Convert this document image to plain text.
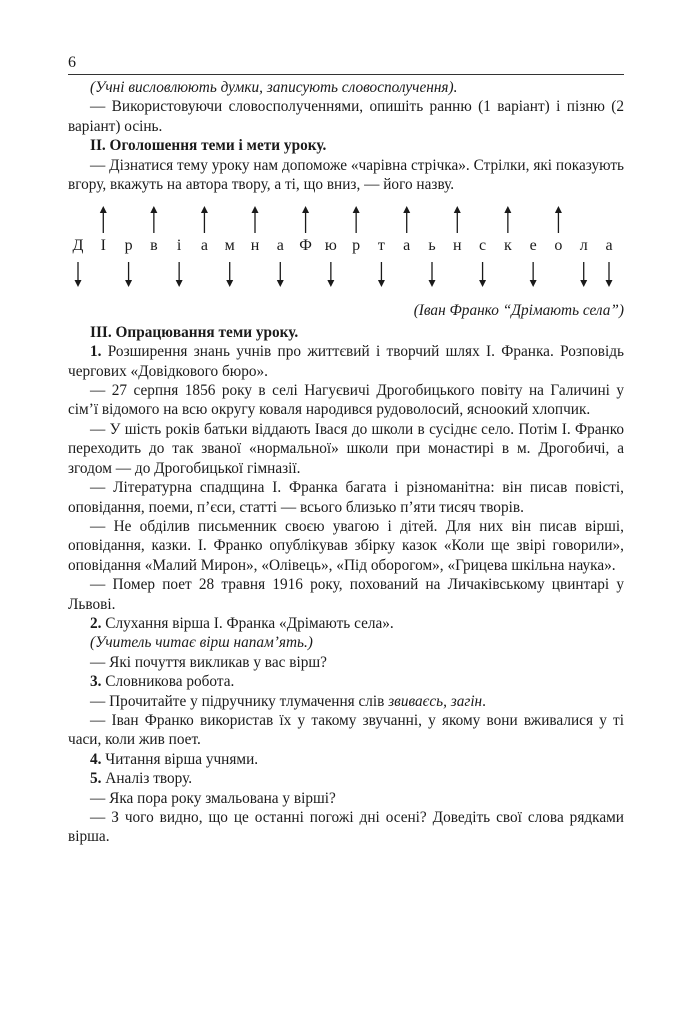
6

(Учні висловлюють думки, записують словосполучення).

— Використовуючи словосполученнями, опишіть ранню (1 варіант) і пізню (2 варіант) осінь.

II. Оголошення теми і мети уроку.

— Дізнатися тему уроку нам допоможе «чарівна стрічка». Стрілки, які показують вгору, вкажуть на автора твору, а ті, що вниз, — його назву.

Д	І	р	в	і	а	м н	а Ф ю р	т	а	ь	н	с	к	е	о	л	а

(Іван Франко “Дрімають села”)

III. Опрацювання теми уроку.

1. Розширення знань учнів про життєвий і творчий шлях І. Франка. Розповідь чергових «Довідкового бюро».

— 27 серпня 1856 року в селі Нагуєвичі Дрогобицького повіту на Галичині у сім’ї відомого на всю округу коваля народився рудоволосий, ясноокий хлопчик.

— У шість років батьки віддають Івася до школи в сусіднє село. Потім І. Франко переходить до так званої «нормальної» школи при монастирі в м. Дрогобичі, а згодом — до Дрогобицької гімназії.

— Літературна спадщина І. Франка багата і різноманітна: він писав повісті, оповідання, поеми, п’єси, статті — всього близько п’яти тисяч творів.

— Не обділив письменник своєю увагою і дітей. Для них він писав вірші, оповідання, казки. І. Франко опублікував збірку казок «Коли ще звірі говорили», оповідання «Малий Мирон», «Олівець», «Під оборогом», «Грицева шкільна наука».

— Помер поет 28 травня 1916 року, похований на Личаківському цвинтарі у Львові.

2. Слухання вірша І. Франка «Дрімають села».

(Учитель читає вірш напам’ять.)

— Які почуття викликав у вас вірш?

3. Словникова робота.

— Прочитайте у підручнику тлумачення слів звиваєсь, загін.

— Іван Франко використав їх у такому звучанні, у якому вони вживалися у ті часи, коли жив поет.

4. Читання вірша учнями.

5. Аналіз твору.

— Яка пора року змальована у вірші?

— З чого видно, що це останні погожі дні осені? Доведіть свої слова рядками вірша.
